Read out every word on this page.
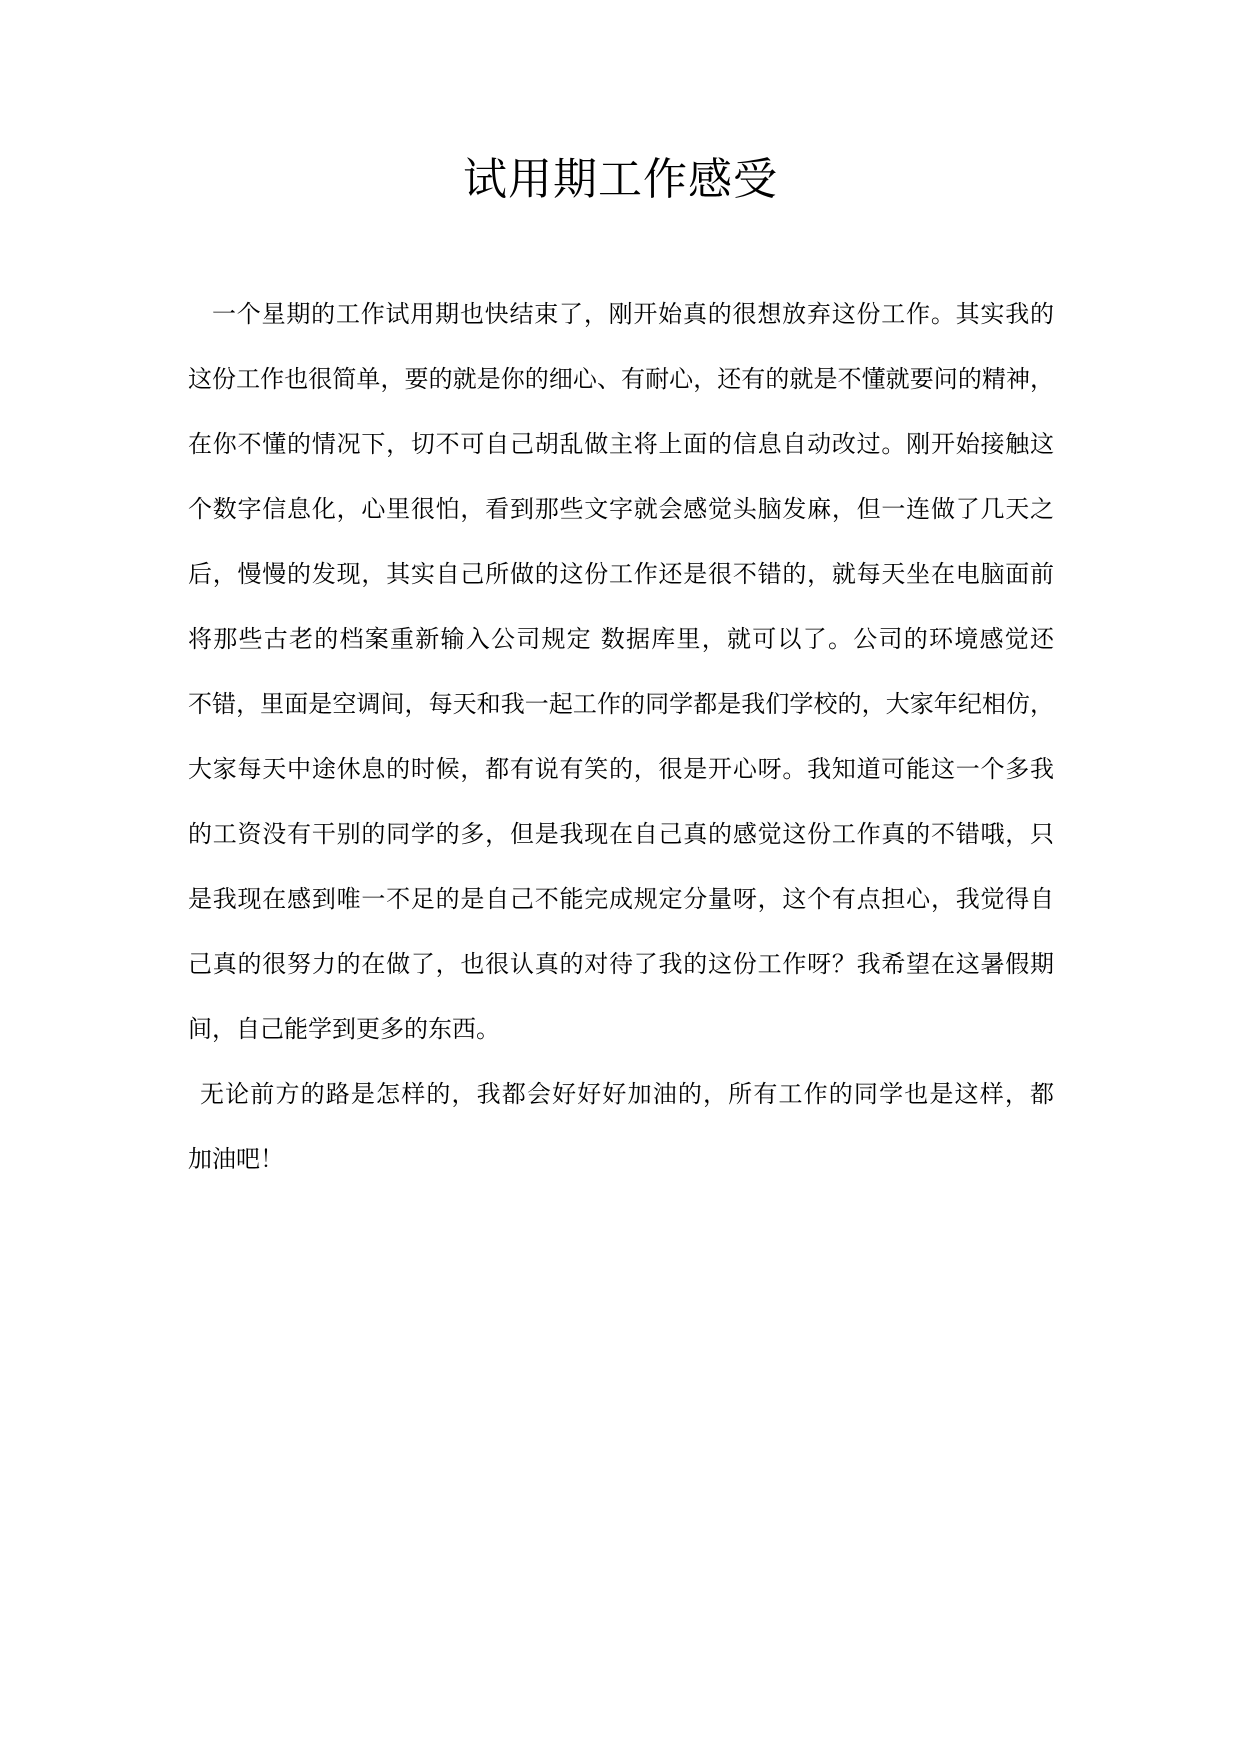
试用期工作感受
一个星期的工作试用期也快结束了，刚开始真的很想放弃这份工作。其实我的
这份工作也很简单，要的就是你的细心、有耐心，还有的就是不懂就要问的精神，
在你不懂的情况下，切不可自己胡乱做主将上面的信息自动改过。刚开始接触这
个数字信息化，心里很怕，看到那些文字就会感觉头脑发麻，但一连做了几天之
后，慢慢的发现，其实自己所做的这份工作还是很不错的，就每天坐在电脑面前
将那些古老的档案重新输入公司规定 数据库里，就可以了。公司的环境感觉还
不错，里面是空调间，每天和我一起工作的同学都是我们学校的，大家年纪相仿，
大家每天中途休息的时候，都有说有笑的，很是开心呀。我知道可能这一个多我
的工资没有干别的同学的多，但是我现在自己真的感觉这份工作真的不错哦，只
是我现在感到唯一不足的是自己不能完成规定分量呀，这个有点担心，我觉得自
己真的很努力的在做了，也很认真的对待了我的这份工作呀？我希望在这暑假期
间，自己能学到更多的东西。
无论前方的路是怎样的，我都会好好好加油的，所有工作的同学也是这样，都
加油吧！
